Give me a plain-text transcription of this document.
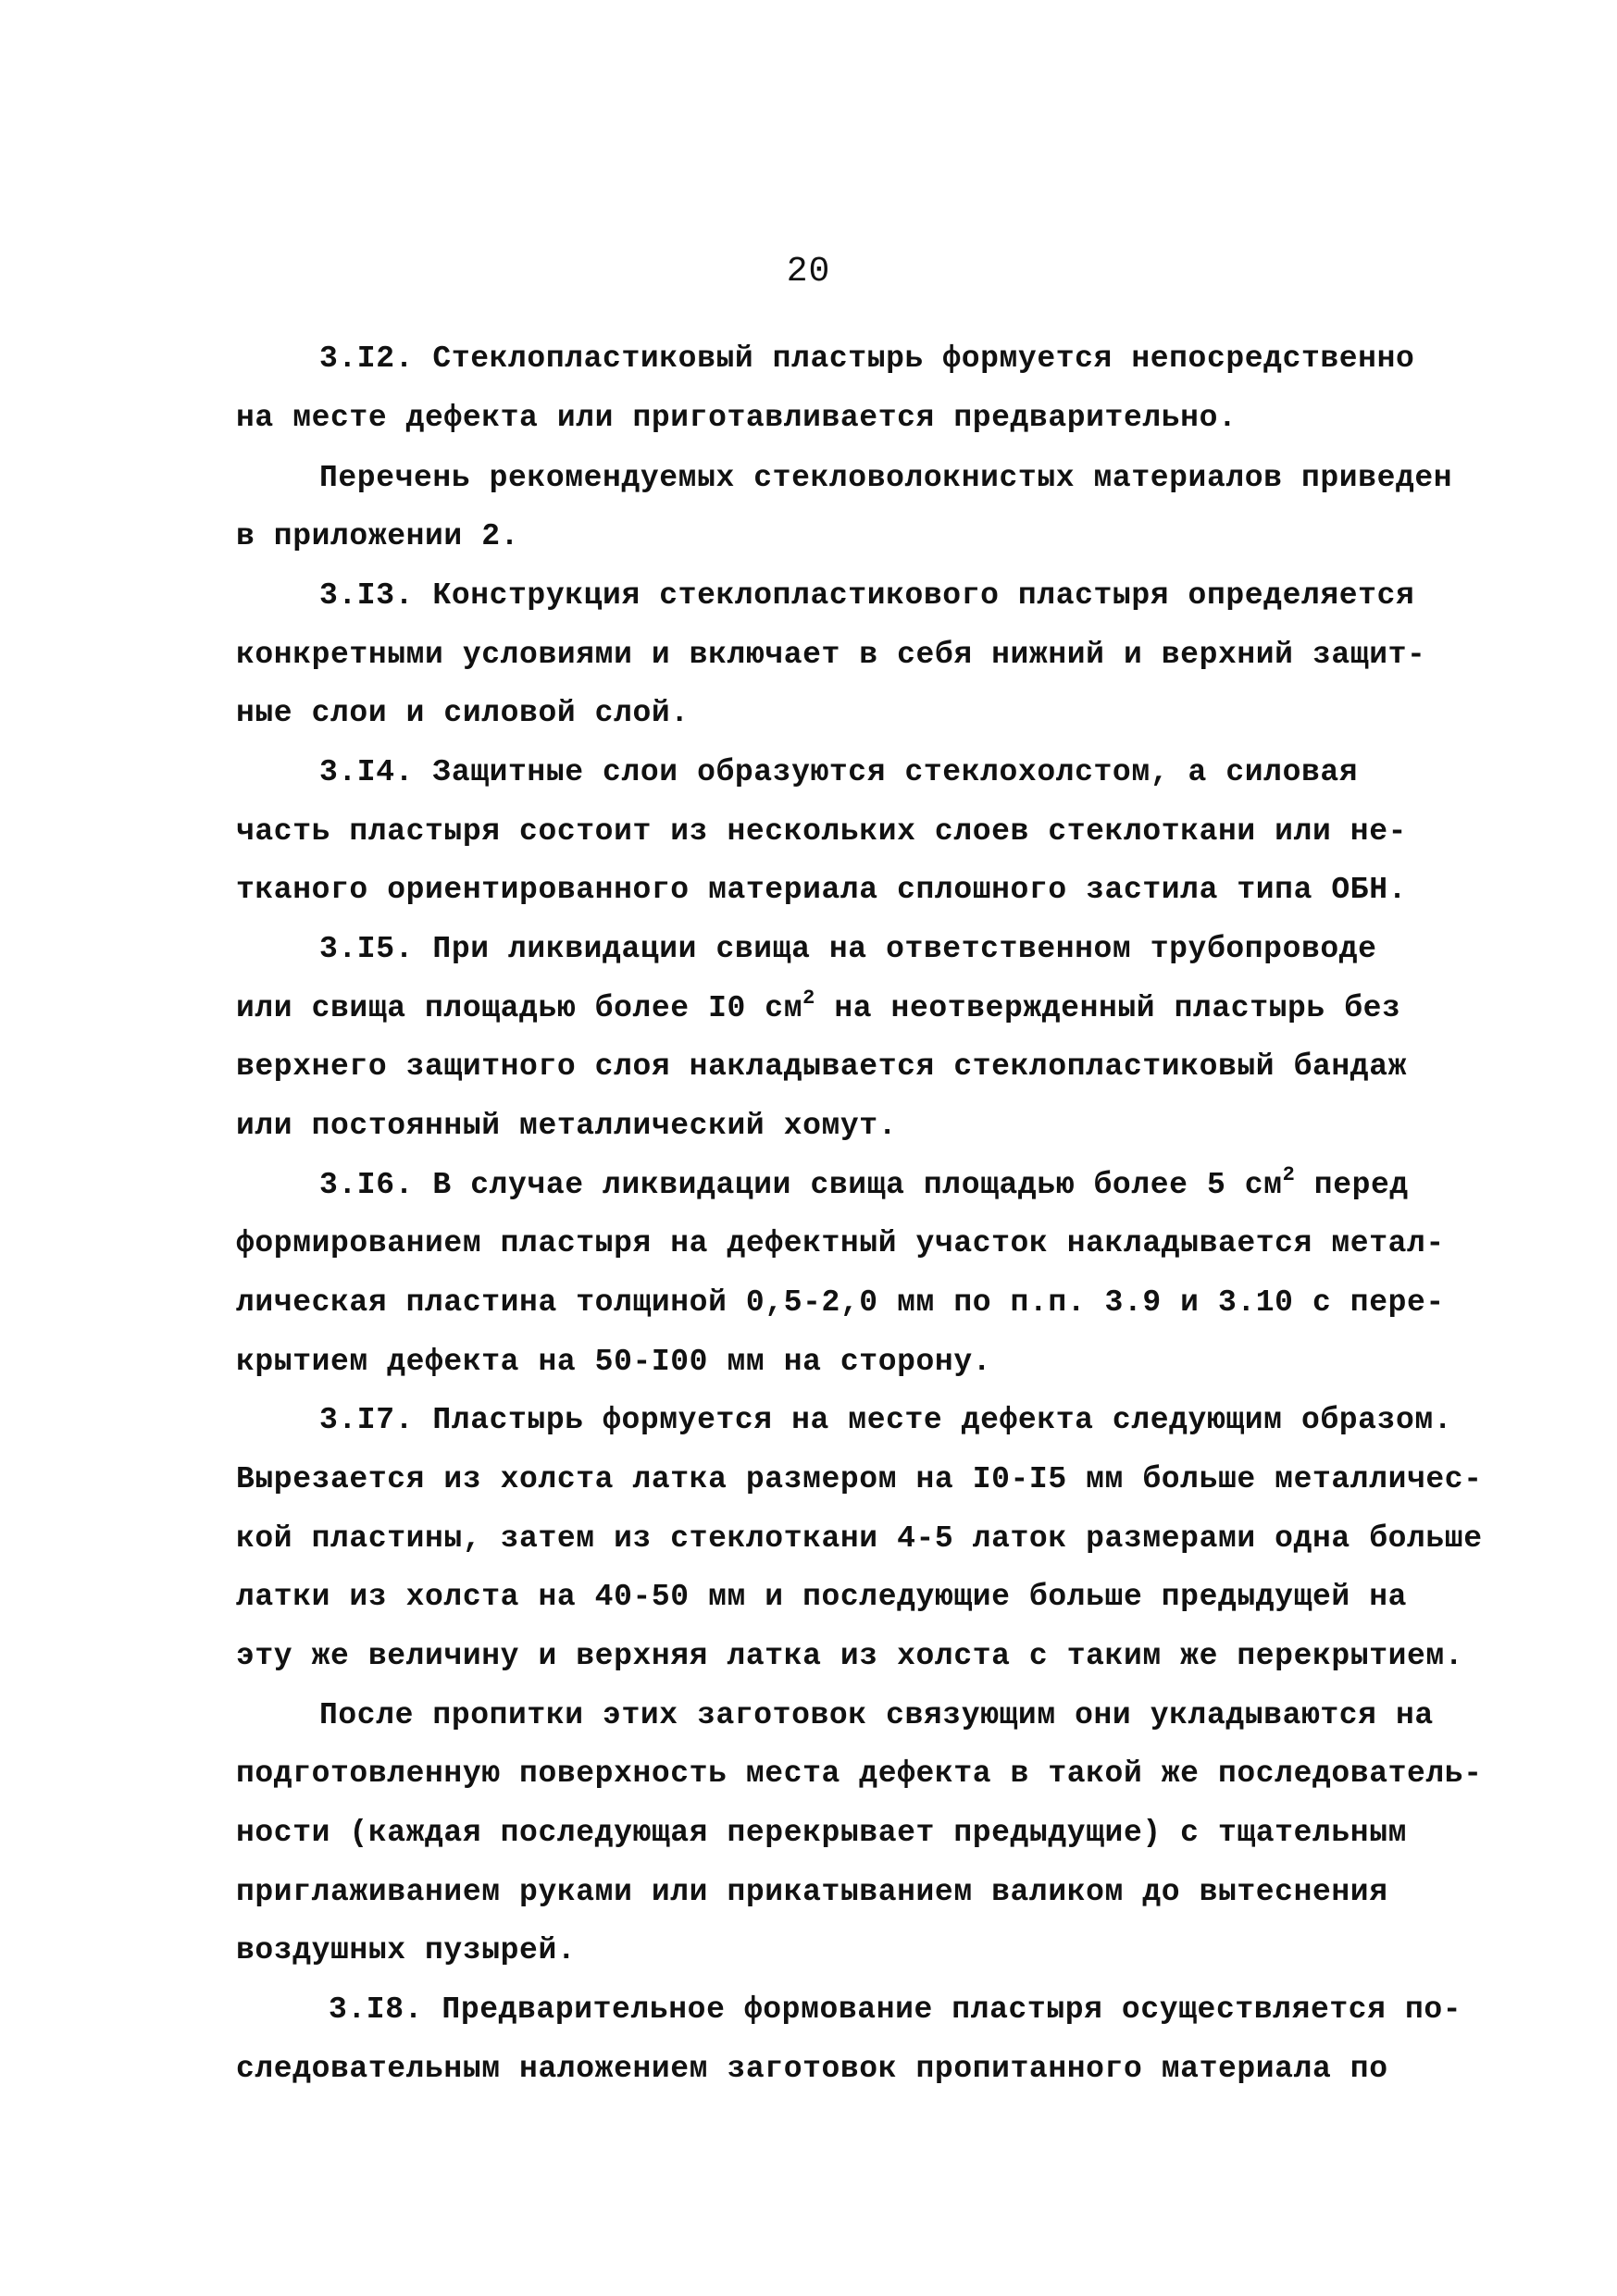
20
3.I2. Стеклопластиковый пластырь формуется непосредственно
на месте дефекта или приготавливается предварительно.
Перечень рекомендуемых стекловолокнистых материалов приведен
в приложении 2.
3.I3. Конструкция стеклопластикового пластыря определяется
конкретными условиями и включает в себя нижний и верхний защит-
ные слои и силовой слой.
3.I4. Защитные слои образуются стеклохолстом, а силовая
часть пластыря состоит из нескольких слоев стеклоткани или не-
тканого ориентированного материала сплошного застила типа ОБН.
3.I5. При ликвидации свища на ответственном трубопроводе
или свища площадью более I0 $см^2$ на неотвержденный пластырь без
верхнего защитного слоя накладывается стеклопластиковый бандаж
или постоянный металлический хомут.
3.I6. В случае ликвидации свища площадью более 5 $см^2$ перед
формированием пластыря на дефектный участок накладывается метал-
лическая пластина толщиной 0,5-2,0 мм по п.п. 3.9 и 3.10 с пере-
крытием дефекта на 50-I00 мм на сторону.
3.I7. Пластырь формуется на месте дефекта следующим образом.
Вырезается из холста латка размером на I0-I5 мм больше металличес-
кой пластины, затем из стеклоткани 4-5 латок размерами одна больше
латки из холста на 40-50 мм и последующие больше предыдущей на
эту же величину и верхняя латка из холста с таким же перекрытием.
После пропитки этих заготовок связующим они укладываются на
подготовленную поверхность места дефекта в такой же последователь-
ности (каждая последующая перекрывает предыдущие) с тщательным
приглаживанием руками или прикатыванием валиком до вытеснения
воздушных пузырей.
3.I8. Предварительное формование пластыря осуществляется по-
следовательным наложением заготовок пропитанного материала по
